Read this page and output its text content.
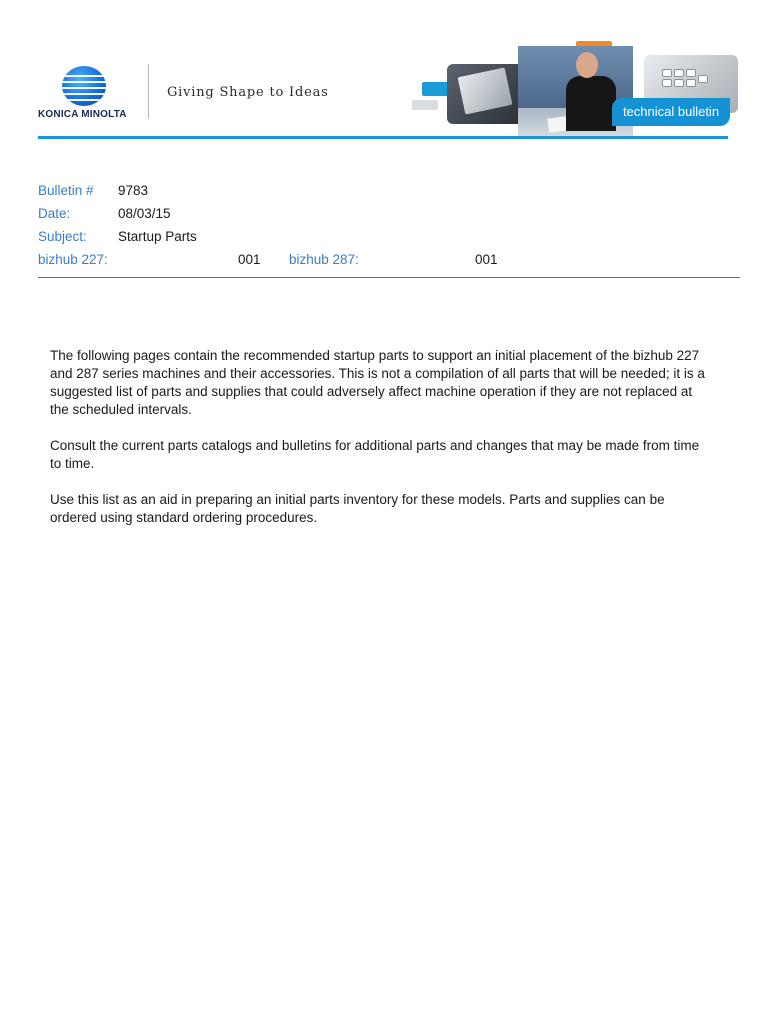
KONICA MINOLTA
Giving Shape to Ideas
technical bulletin
Bulletin # 9783
Date:	08/03/15
Subject: Startup Parts
bizhub 227:	001 bizhub 287:	001

The following pages contain the recommended startup parts to support an initial placement of the bizhub 227 and 287 series machines and their accessories. This is not a compilation of all parts that will be needed; it is a suggested list of parts and supplies that could adversely affect machine operation if they are not replaced at the scheduled intervals.

Consult the current parts catalogs and bulletins for additional parts and changes that may be made from time to time.

Use this list as an aid in preparing an initial parts inventory for these models. Parts and supplies can be ordered using standard ordering procedures.
